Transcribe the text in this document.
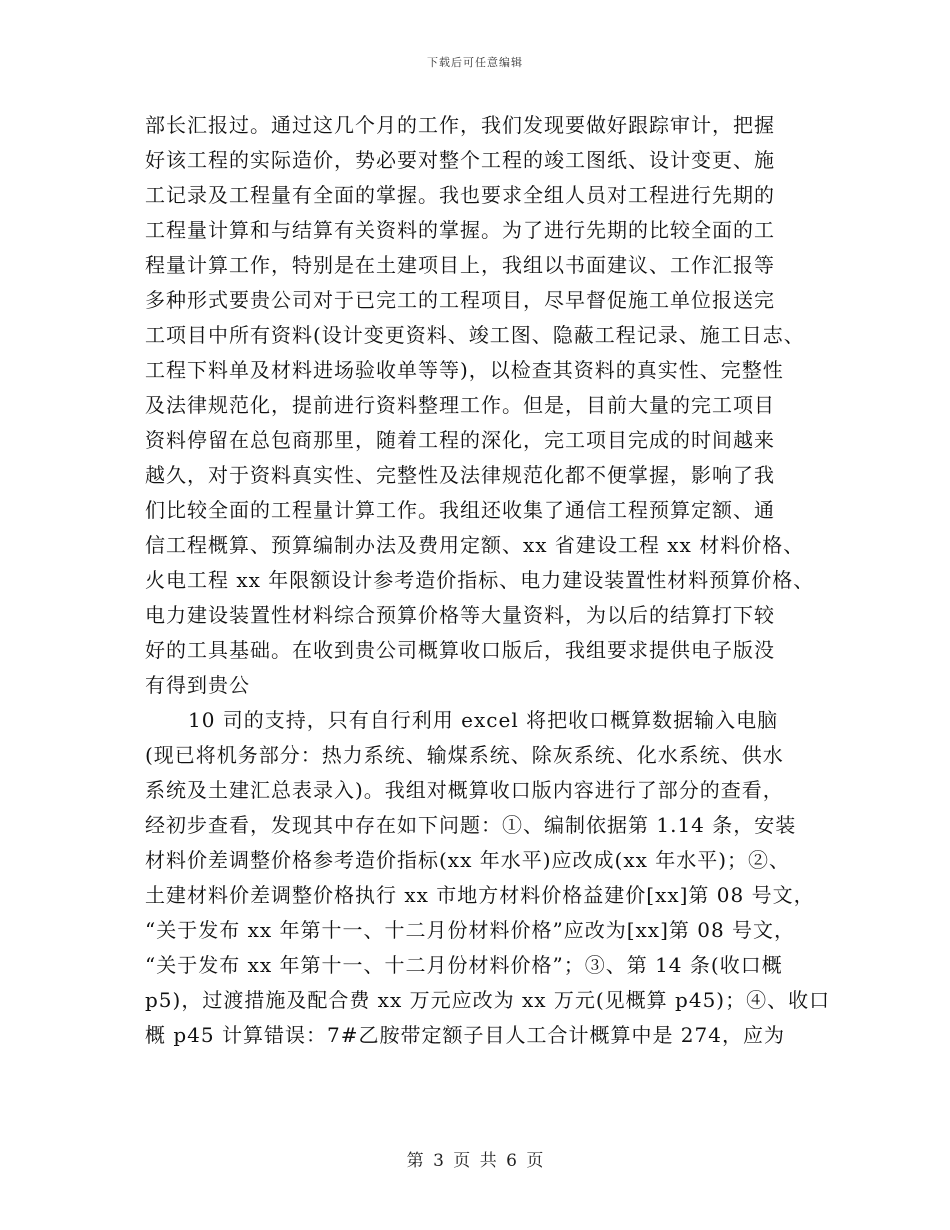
下载后可任意编辑
部长汇报过。通过这几个月的工作，我们发现要做好跟踪审计，把握
好该工程的实际造价，势必要对整个工程的竣工图纸、设计变更、施
工记录及工程量有全面的掌握。我也要求全组人员对工程进行先期的
工程量计算和与结算有关资料的掌握。为了进行先期的比较全面的工
程量计算工作，特别是在土建项目上，我组以书面建议、工作汇报等
多种形式要贵公司对于已完工的工程项目，尽早督促施工单位报送完
工项目中所有资料(设计变更资料、竣工图、隐蔽工程记录、施工日志、
工程下料单及材料进场验收单等等)，以检查其资料的真实性、完整性
及法律规范化，提前进行资料整理工作。但是，目前大量的完工项目
资料停留在总包商那里，随着工程的深化，完工项目完成的时间越来
越久，对于资料真实性、完整性及法律规范化都不便掌握，影响了我
们比较全面的工程量计算工作。我组还收集了通信工程预算定额、通
信工程概算、预算编制办法及费用定额、xx 省建设工程 xx 材料价格、
火电工程 xx 年限额设计参考造价指标、电力建设装置性材料预算价格、
电力建设装置性材料综合预算价格等大量资料，为以后的结算打下较
好的工具基础。在收到贵公司概算收口版后，我组要求提供电子版没
有得到贵公
10 司的支持，只有自行利用 excel 将把收口概算数据输入电脑
(现已将机务部分：热力系统、输煤系统、除灰系统、化水系统、供水
系统及土建汇总表录入)。我组对概算收口版内容进行了部分的查看，
经初步查看，发现其中存在如下问题：①、编制依据第 1.14 条，安装
材料价差调整价格参考造价指标(xx 年水平)应改成(xx 年水平)；②、
土建材料价差调整价格执行 xx 市地方材料价格益建价[xx]第 08 号文，
“关于发布 xx 年第十一、十二月份材料价格”应改为[xx]第 08 号文，
“关于发布 xx 年第十一、十二月份材料价格”；③、第 14 条(收口概
p5)，过渡措施及配合费 xx 万元应改为 xx 万元(见概算 p45)；④、收口
概 p45 计算错误：7#乙胺带定额子目人工合计概算中是 274，应为
第 3 页 共 6 页
